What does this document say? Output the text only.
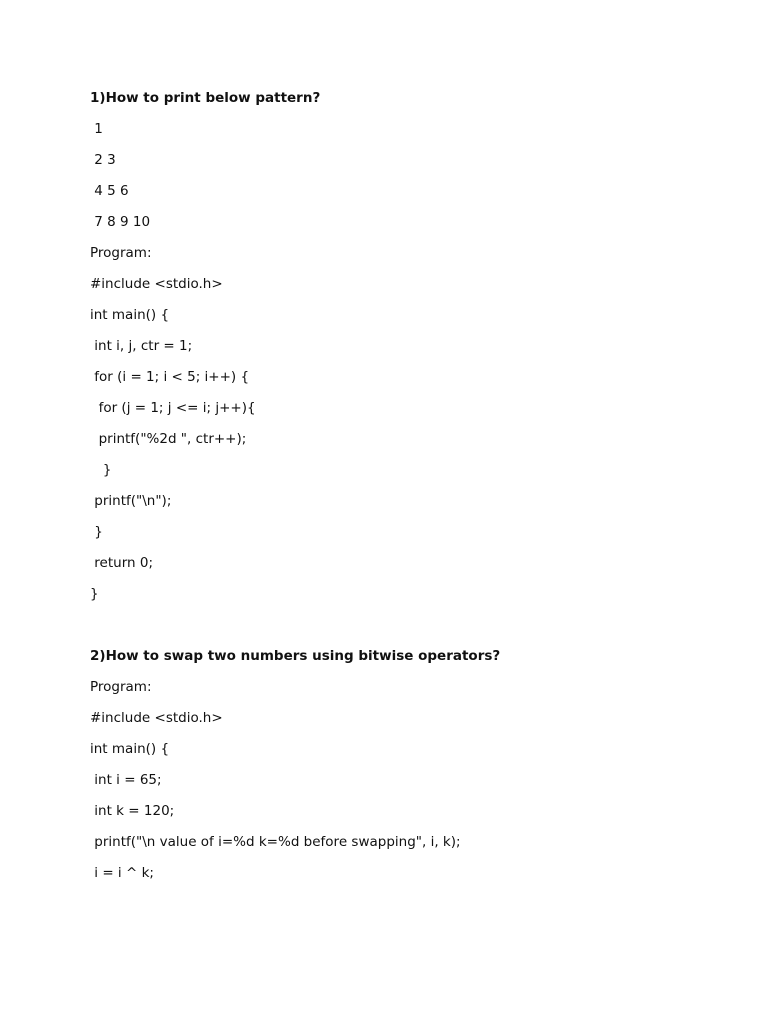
1)How to print below pattern?
1
2 3
4 5 6
7 8 9 10
Program:
#include <stdio.h>
int main() {
int i, j, ctr = 1;
for (i = 1; i < 5; i++) {
for (j = 1; j <= i; j++){
printf("%2d ", ctr++);
}
printf("\n");
}
return 0;
}
2)How to swap two numbers using bitwise operators?
Program:
#include <stdio.h>
int main() {
int i = 65;
int k = 120;
printf("\n value of i=%d k=%d before swapping", i, k);
i = i ^ k;
